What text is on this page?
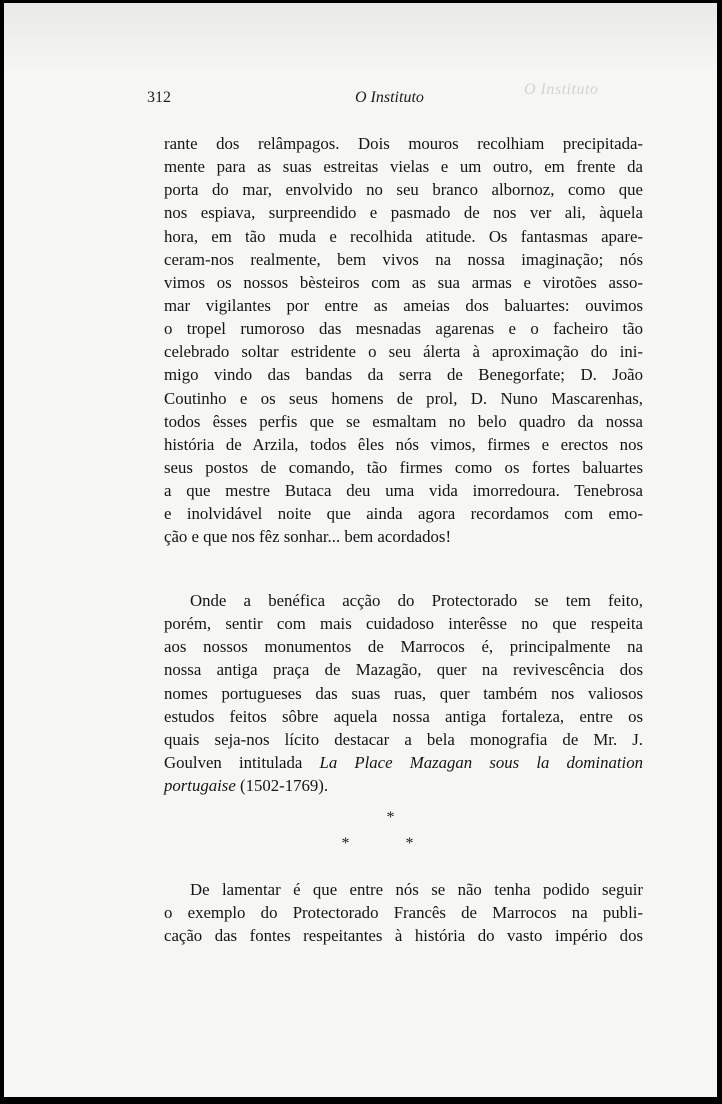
O Instituto
312	O Instituto
rante dos relâmpagos. Dois mouros recolhiam precipitada-
mente para as suas estreitas vielas e um outro, em frente da
porta do mar, envolvido no seu branco albornoz, como que
nos espiava, surpreendido e pasmado de nos ver ali, àquela
hora, em tão muda e recolhida atitude. Os fantasmas apare-
ceram-nos realmente, bem vivos na nossa imaginação; nós
vimos os nossos bèsteiros com as sua armas e virotões asso-
mar vigilantes por entre as ameias dos baluartes: ouvimos
o tropel rumoroso das mesnadas agarenas e o facheiro tão
celebrado soltar estridente o seu álerta à aproximação do ini-
migo vindo das bandas da serra de Benegorfate; D. João
Coutinho e os seus homens de prol, D. Nuno Mascarenhas,
todos êsses perfis que se esmaltam no belo quadro da nossa
história de Arzila, todos êles nós vimos, firmes e erectos nos
seus postos de comando, tão firmes como os fortes baluartes
a que mestre Butaca deu uma vida imorredoura. Tenebrosa
e inolvidável noite que ainda agora recordamos com emo-
ção e que nos fêz sonhar... bem acordados!
Onde a benéfica acção do Protectorado se tem feito,
porém, sentir com mais cuidadoso interêsse no que respeita
aos nossos monumentos de Marrocos é, principalmente na
nossa antiga praça de Mazagão, quer na revivescência dos
nomes portugueses das suas ruas, quer também nos valiosos
estudos feitos sôbre aquela nossa antiga fortaleza, entre os
quais seja-nos lícito destacar a bela monografia de Mr. J.
Goulven intitulada La Place Mazagan sous la domination
portugaise (1502-1769).
*
* *
De lamentar é que entre nós se não tenha podido seguir
o exemplo do Protectorado Francês de Marrocos na publi-
cação das fontes respeitantes à história do vasto império dos
